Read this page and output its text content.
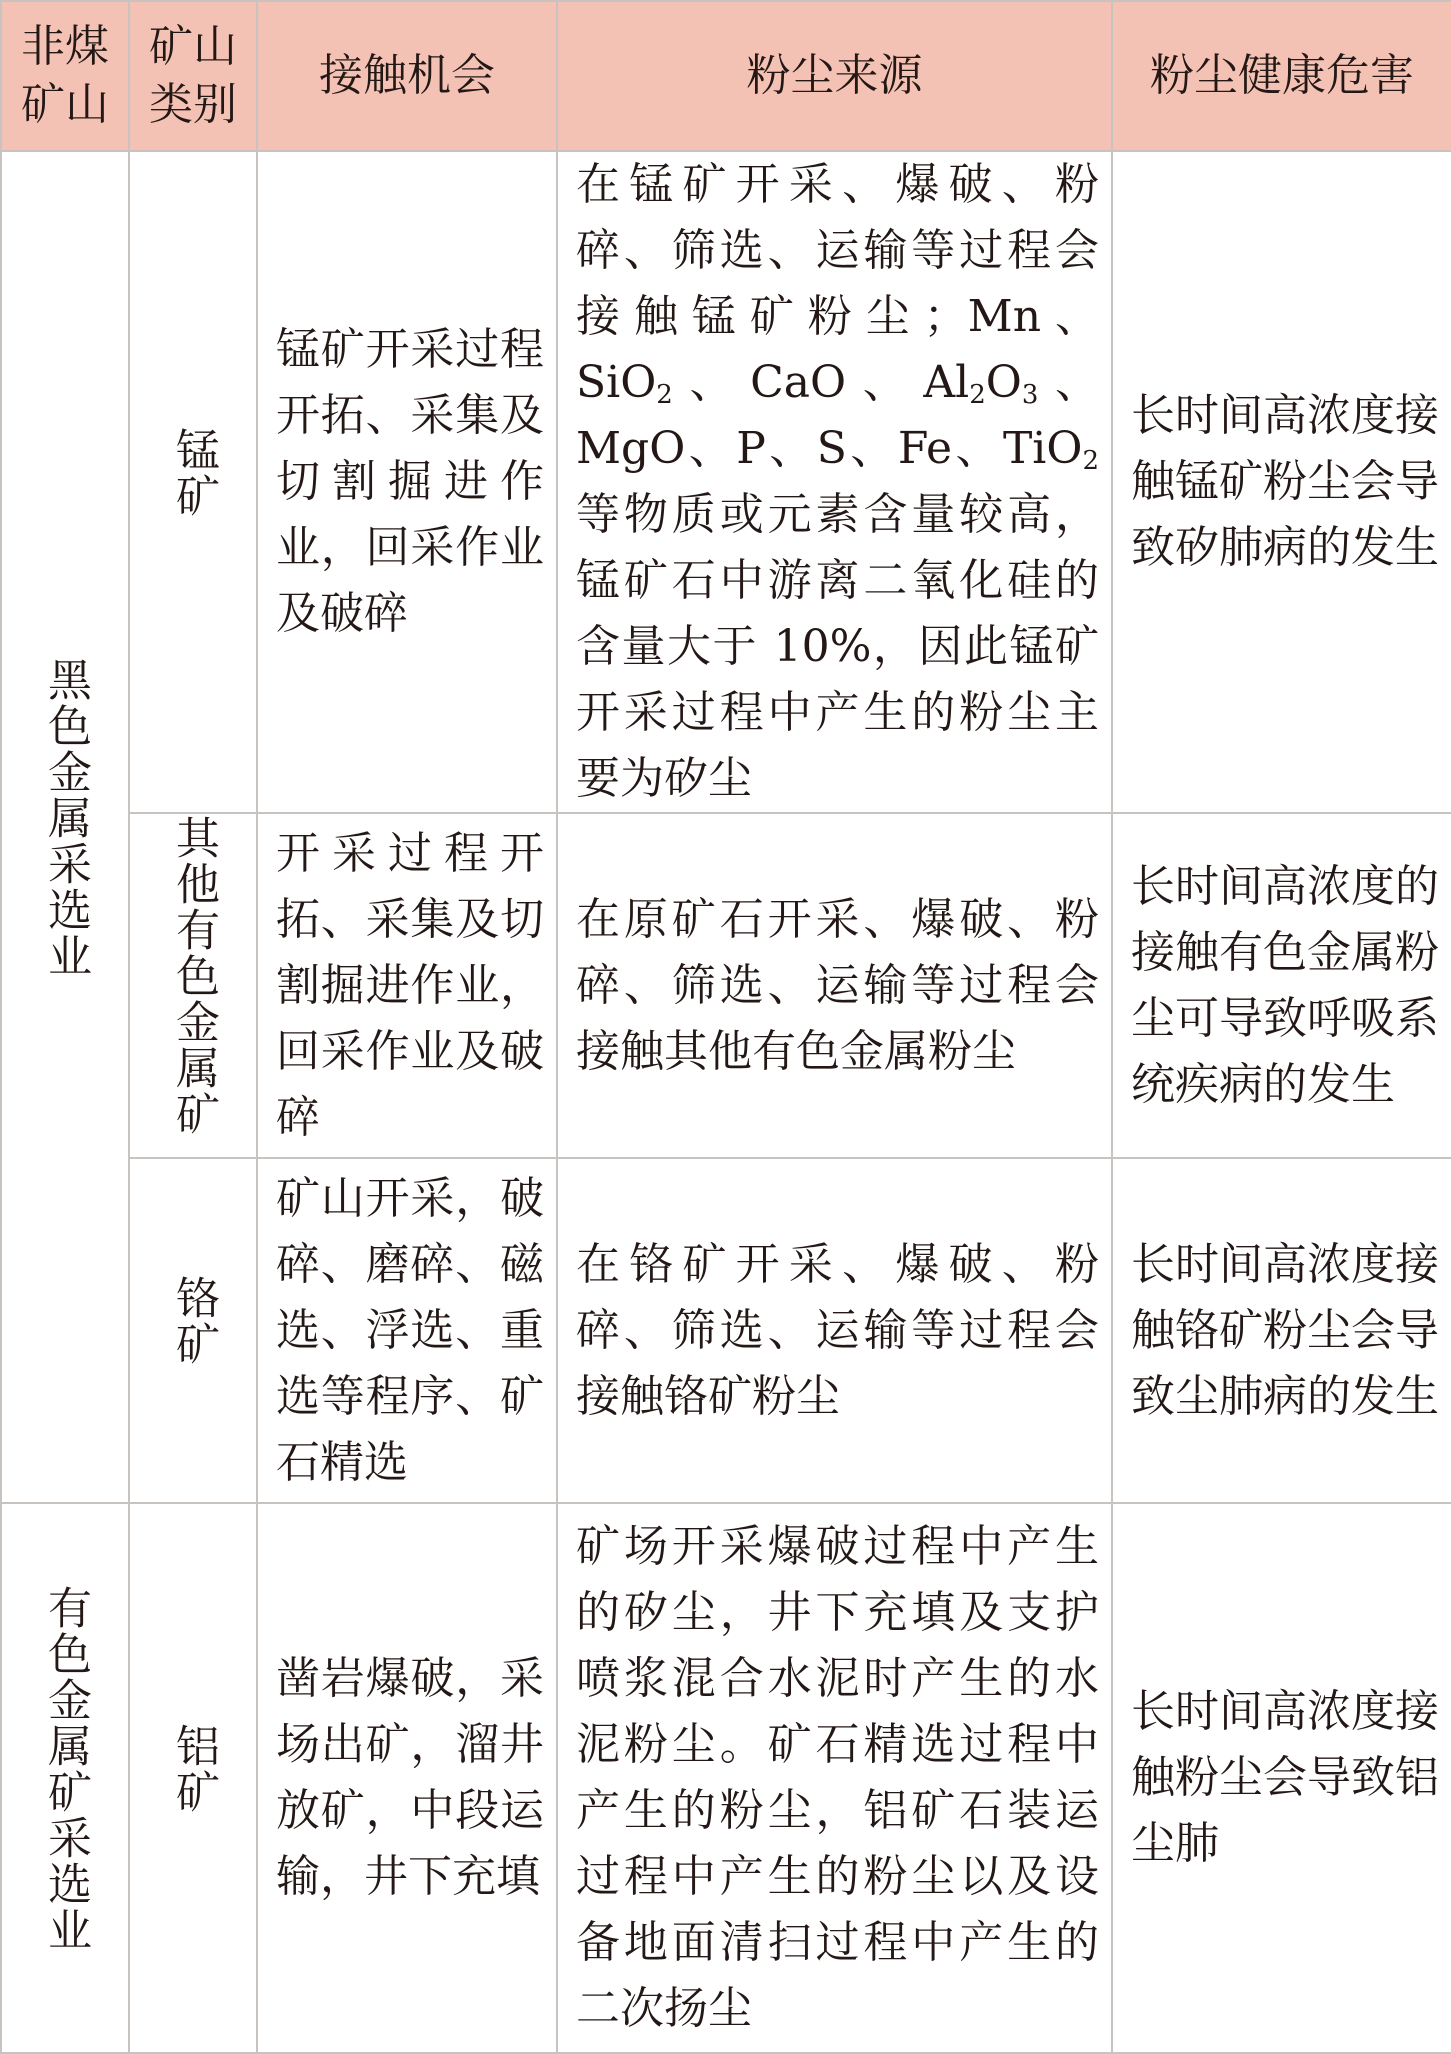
非煤矿山	矿山类别	接触机会	粉尘来源	粉尘健康危害
黑色金属采选业	锰矿	锰矿开采过程开拓、采集及切割掘进作业，回采作业及破碎	在锰矿开采、爆破、粉碎、筛选、运输等过程会接触锰矿粉尘；Mn、SiO$_2$、CaO、$Al_2O_3$、MgO、P、S、Fe、TiO$_2$ 等物质或元素含量较高，锰矿石中游离二氧化硅的含量大于 10%，因此锰矿开采过程中产生的粉尘主要为矽尘	长时间高浓度接触锰矿粉尘会导致矽肺病的发生

	其他有色金属矿	开采过程开拓、采集及切割掘进作业，回采作业及破碎	在原矿石开采、爆破、粉碎、筛选、运输等过程会接触其他有色金属粉尘	长时间高浓度的接触有色金属粉尘可导致呼吸系统疾病的发生

	铬矿	矿山开采，破碎、磨碎、磁选、浮选、重选等程序、矿石精选	在铬矿开采、爆破、粉碎、筛选、运输等过程会接触铬矿粉尘	长时间高浓度接触铬矿粉尘会导致尘肺病的发生

有色金属矿采选业	铝矿	凿岩爆破，采场出矿，溜井放矿，中段运输，井下充填	矿场开采爆破过程中产生的矽尘，井下充填及支护喷浆混合水泥时产生的水泥粉尘。矿石精选过程中产生的粉尘，铝矿石装运过程中产生的粉尘以及设备地面清扫过程中产生的二次扬尘	长时间高浓度接触粉尘会导致铝尘肺
